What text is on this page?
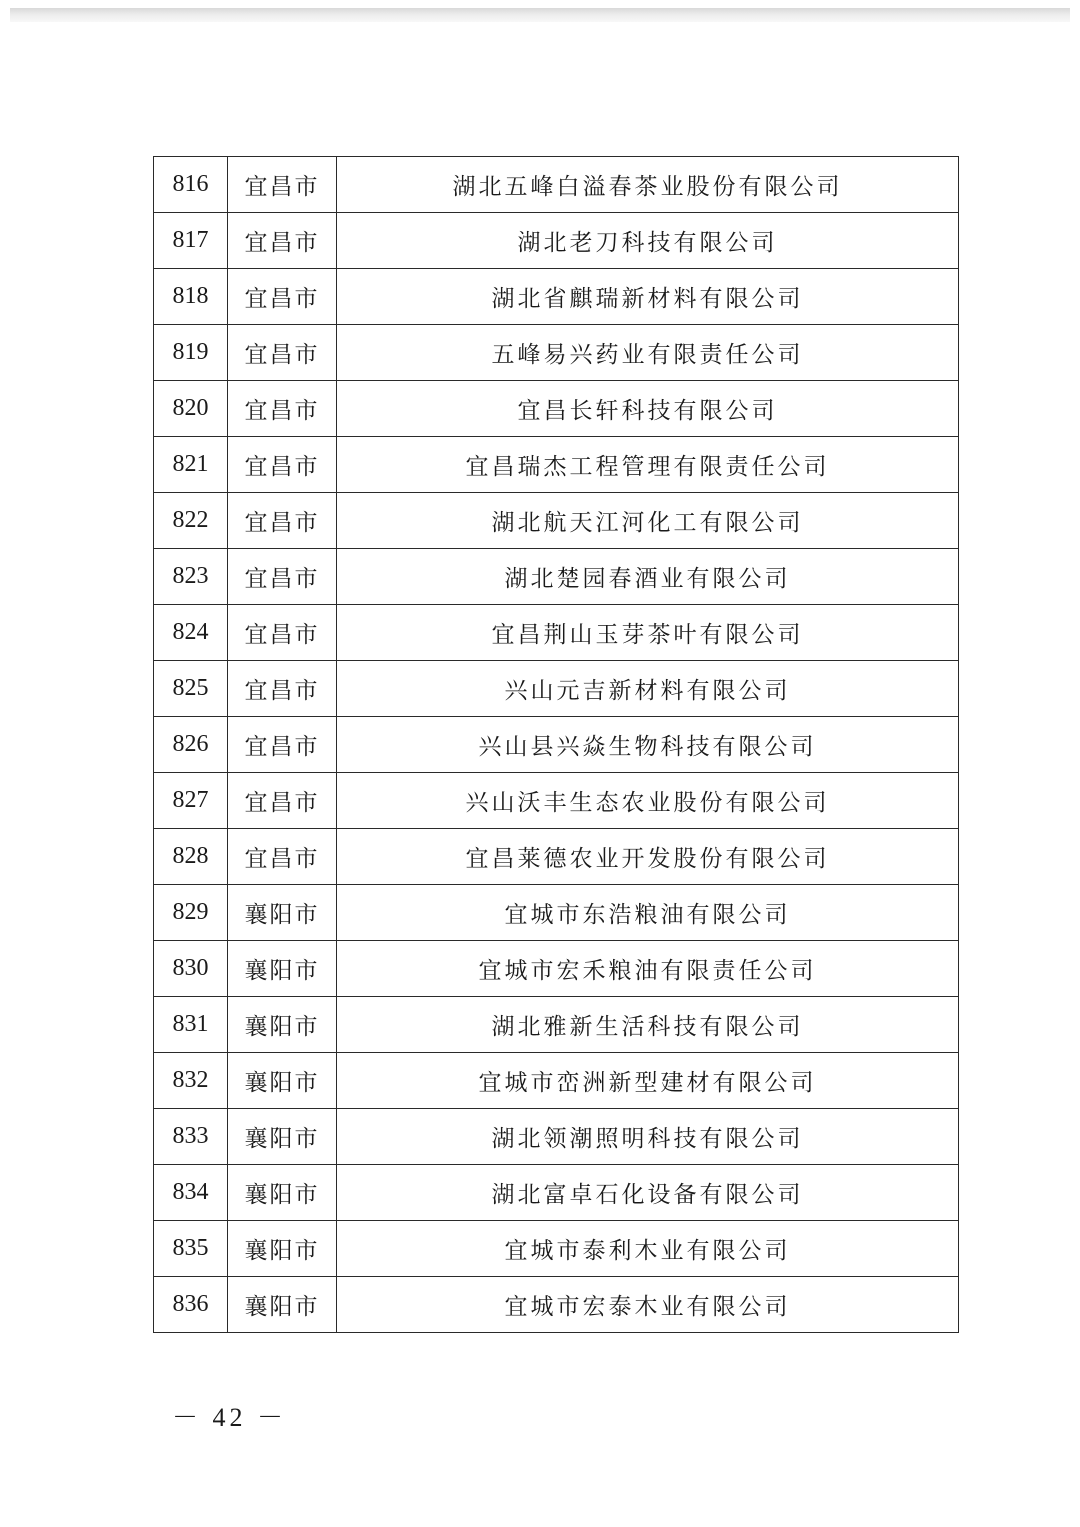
816	宜昌市	湖北五峰白溢春茶业股份有限公司
817	宜昌市	湖北老刀科技有限公司
818	宜昌市	湖北省麒瑞新材料有限公司
819	宜昌市	五峰易兴药业有限责任公司
820	宜昌市	宜昌长轩科技有限公司
821	宜昌市	宜昌瑞杰工程管理有限责任公司
822	宜昌市	湖北航天江河化工有限公司
823	宜昌市	湖北楚园春酒业有限公司
824	宜昌市	宜昌荆山玉芽茶叶有限公司
825	宜昌市	兴山元吉新材料有限公司
826	宜昌市	兴山县兴焱生物科技有限公司
827	宜昌市	兴山沃丰生态农业股份有限公司
828	宜昌市	宜昌莱德农业开发股份有限公司
829	襄阳市	宜城市东浩粮油有限公司
830	襄阳市	宜城市宏禾粮油有限责任公司
831	襄阳市	湖北雅新生活科技有限公司
832	襄阳市	宜城市峦洲新型建材有限公司
833	襄阳市	湖北领潮照明科技有限公司
834	襄阳市	湖北富卓石化设备有限公司
835	襄阳市	宜城市泰利木业有限公司
836	襄阳市	宜城市宏泰木业有限公司
－ 42 －
